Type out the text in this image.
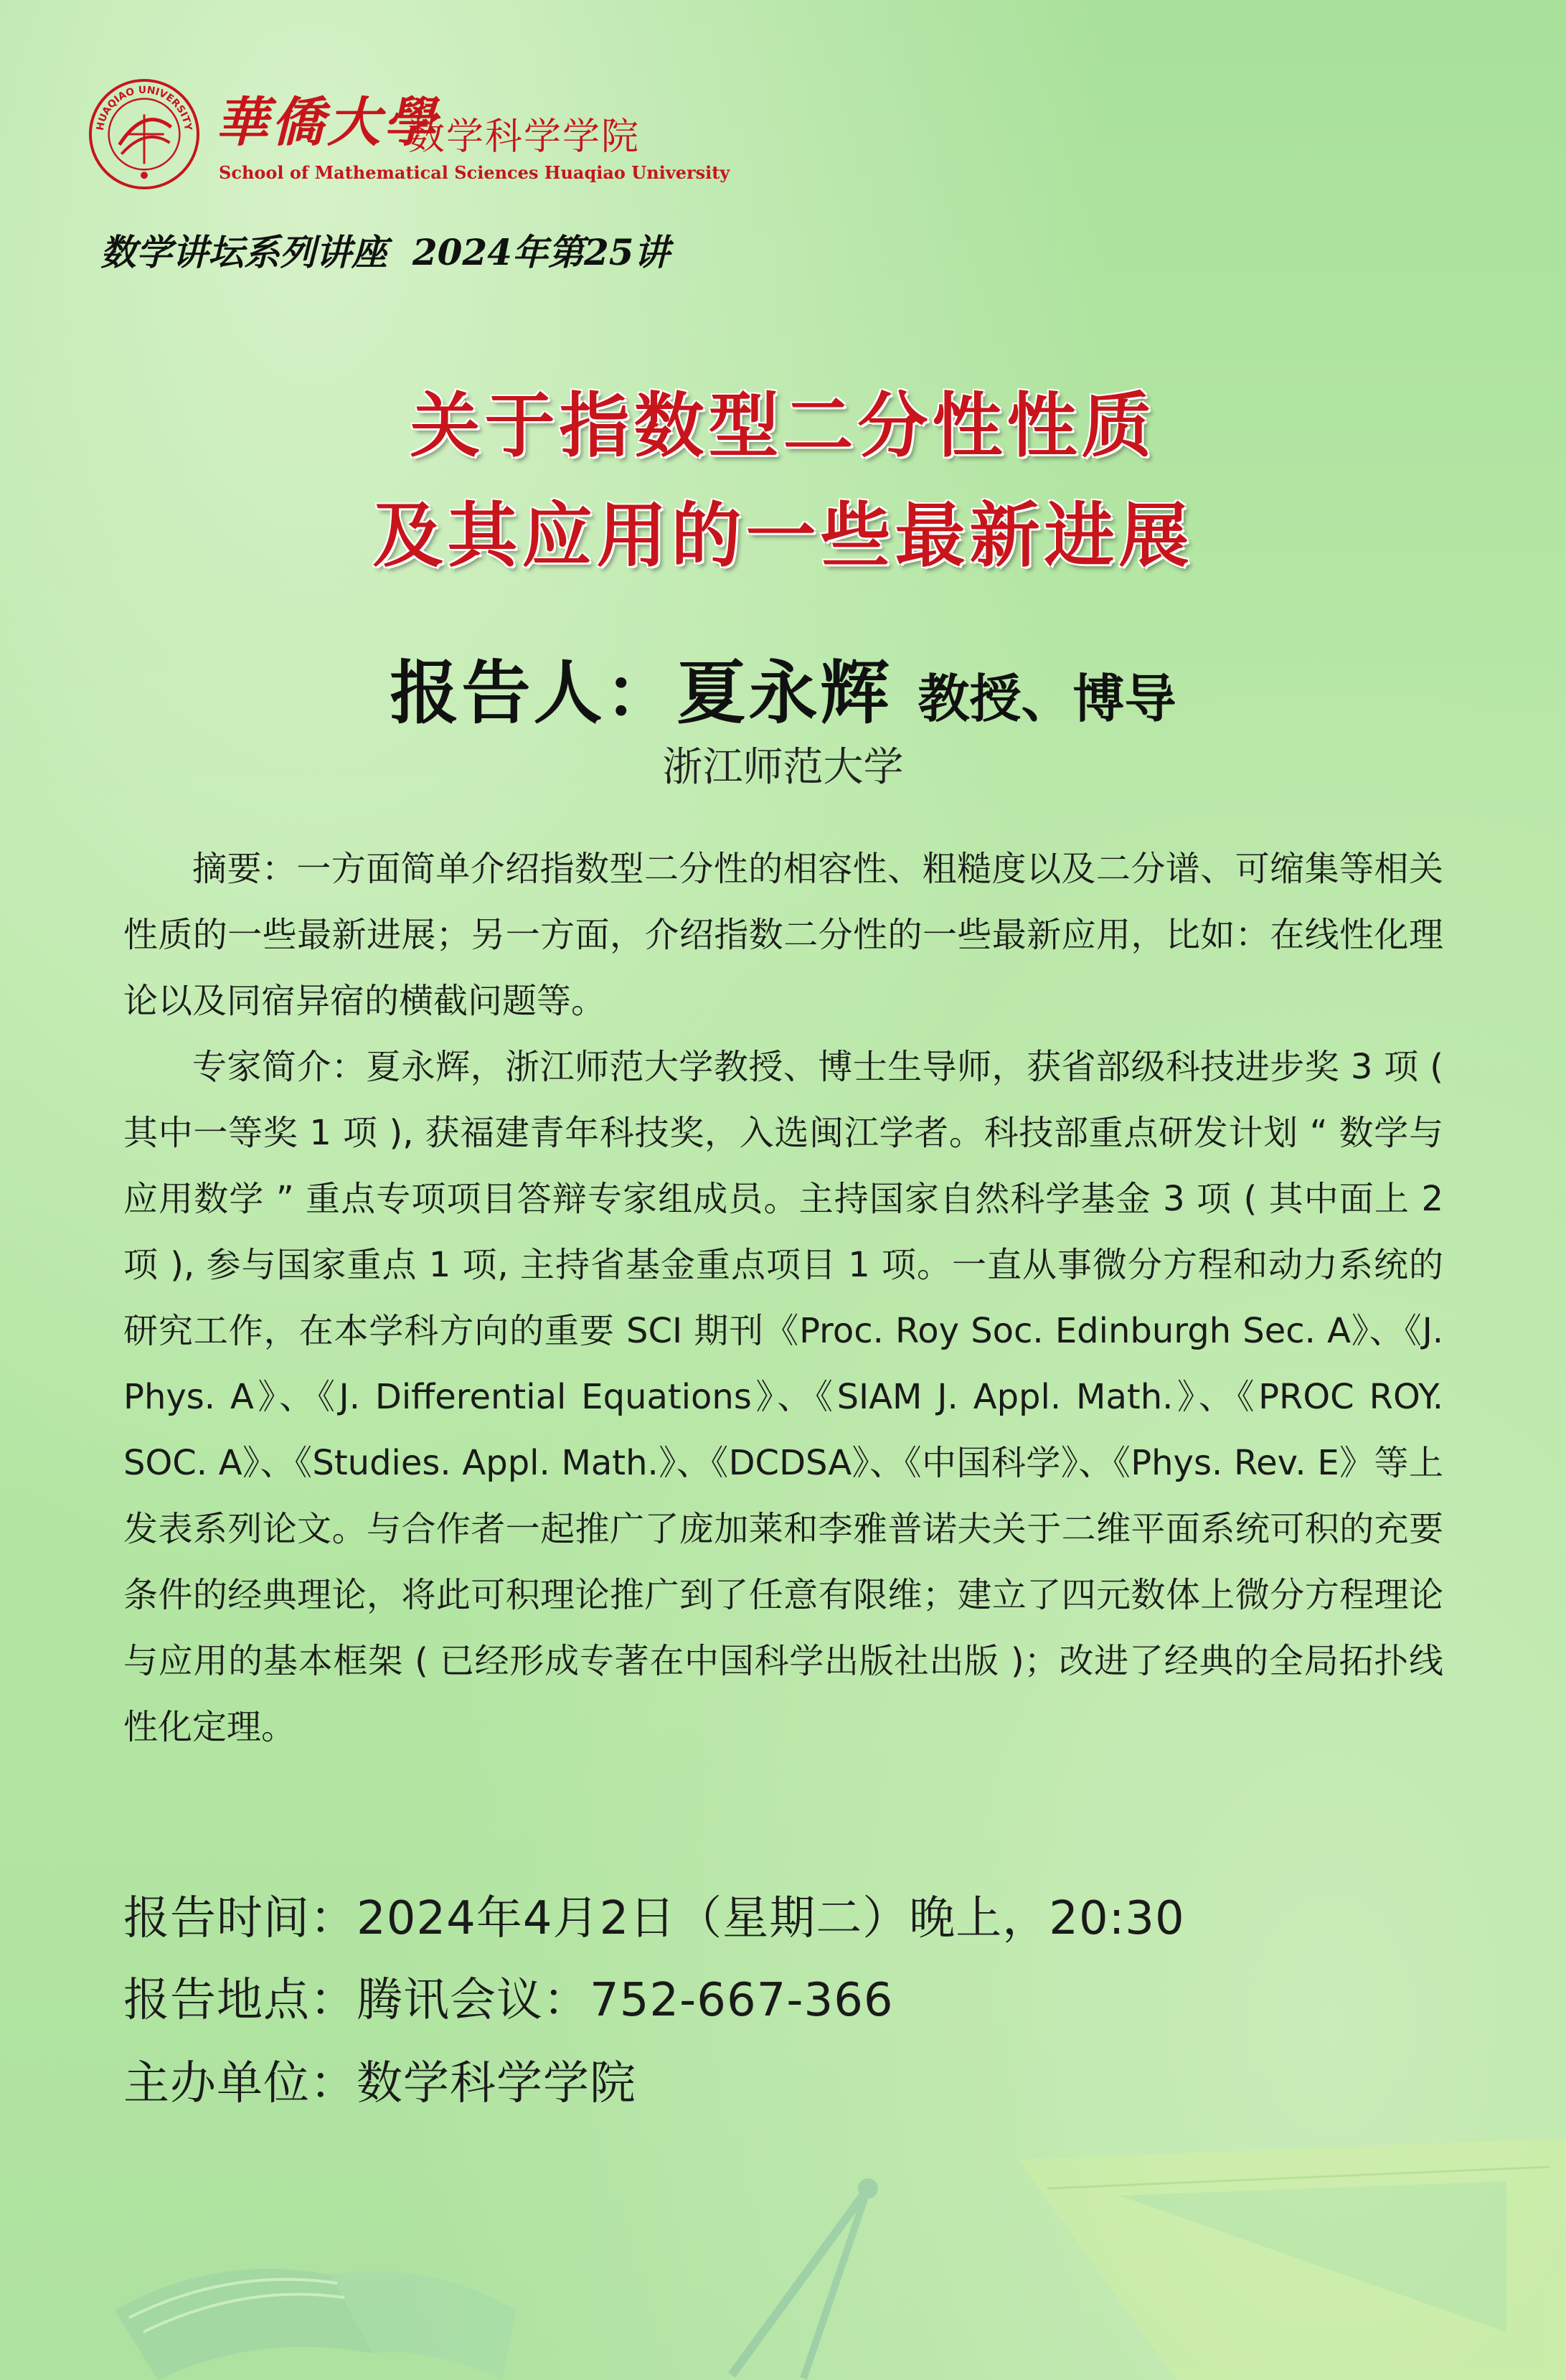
HUAQIAO UNIVERSITY 華僑大學
数学科学学院
School of Mathematical Sciences Huaqiao University
数学讲坛系列讲座  2024年第25讲
关于指数型二分性性质
及其应用的一些最新进展
报告人：夏永辉 教授、博导
浙江师范大学

摘要：一方面简单介绍指数型二分性的相容性、粗糙度以及二分谱、可缩集等相关性质的一些最新进展；另一方面，介绍指数二分性的一些最新应用，比如：在线性化理论以及同宿异宿的横截问题等。

专家简介：夏永辉，浙江师范大学教授、博士生导师，获省部级科技进步奖 3 项 ( 其中一等奖 1 项 ), 获福建青年科技奖，入选闽江学者。科技部重点研发计划 “ 数学与应用数学 ” 重点专项项目答辩专家组成员。主持国家自然科学基金 3 项 ( 其中面上 2 项 ), 参与国家重点 1 项, 主持省基金重点项目 1 项。一直从事微分方程和动力系统的研究工作，在本学科方向的重要 SCI 期刊《Proc. Roy Soc. Edinburgh Sec. A》、《J. Phys. A》、《J. Differential Equations》、《SIAM J. Appl. Math.》、《PROC ROY. SOC. A》、《Studies. Appl. Math.》、《DCDSA》、《中国科学》、《Phys. Rev. E》等上发表系列论文。与合作者一起推广了庞加莱和李雅普诺夫关于二维平面系统可积的充要条件的经典理论，将此可积理论推广到了任意有限维；建立了四元数体上微分方程理论与应用的基本框架 ( 已经形成专著在中国科学出版社出版 )；改进了经典的全局拓扑线性化定理。

报告时间：2024年4月2日（星期二）晚上，20:30
报告地点：腾讯会议：752-667-366
主办单位：数学科学学院
